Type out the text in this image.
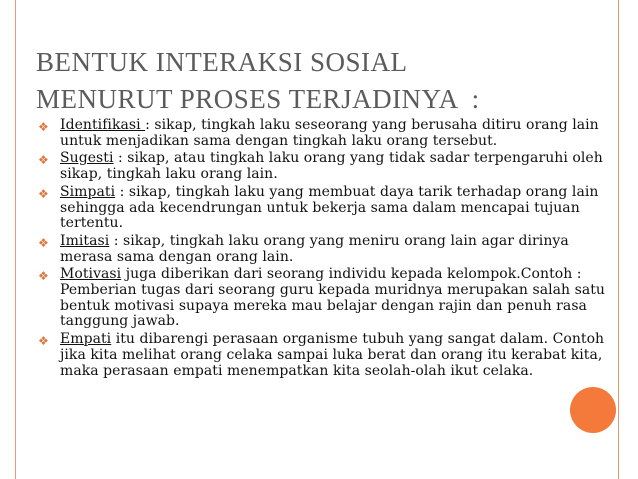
BENTUK INTERAKSI SOSIAL
MENURUT PROSES TERJADINYA  :
❖ Identifikasi : sikap, tingkah laku seseorang yang berusaha ditiru orang lain untuk menjadikan sama dengan tingkah laku orang tersebut.
❖ Sugesti : sikap, atau tingkah laku orang yang tidak sadar terpengaruhi oleh sikap, tingkah laku orang lain.
❖ Simpati : sikap, tingkah laku yang membuat daya tarik terhadap orang lain sehingga ada kecendrungan untuk bekerja sama dalam mencapai tujuan tertentu.
❖ Imitasi : sikap, tingkah laku orang yang meniru orang lain agar dirinya merasa sama dengan orang lain.
❖ Motivasi juga diberikan dari seorang individu kepada kelompok.Contoh : Pemberian tugas dari seorang guru kepada muridnya merupakan salah satu bentuk motivasi supaya mereka mau belajar dengan rajin dan penuh rasa tanggung jawab.
❖ Empati itu dibarengi perasaan organisme tubuh yang sangat dalam. Contoh jika kita melihat orang celaka sampai luka berat dan orang itu kerabat kita, maka perasaan empati menempatkan kita seolah-olah ikut celaka.
